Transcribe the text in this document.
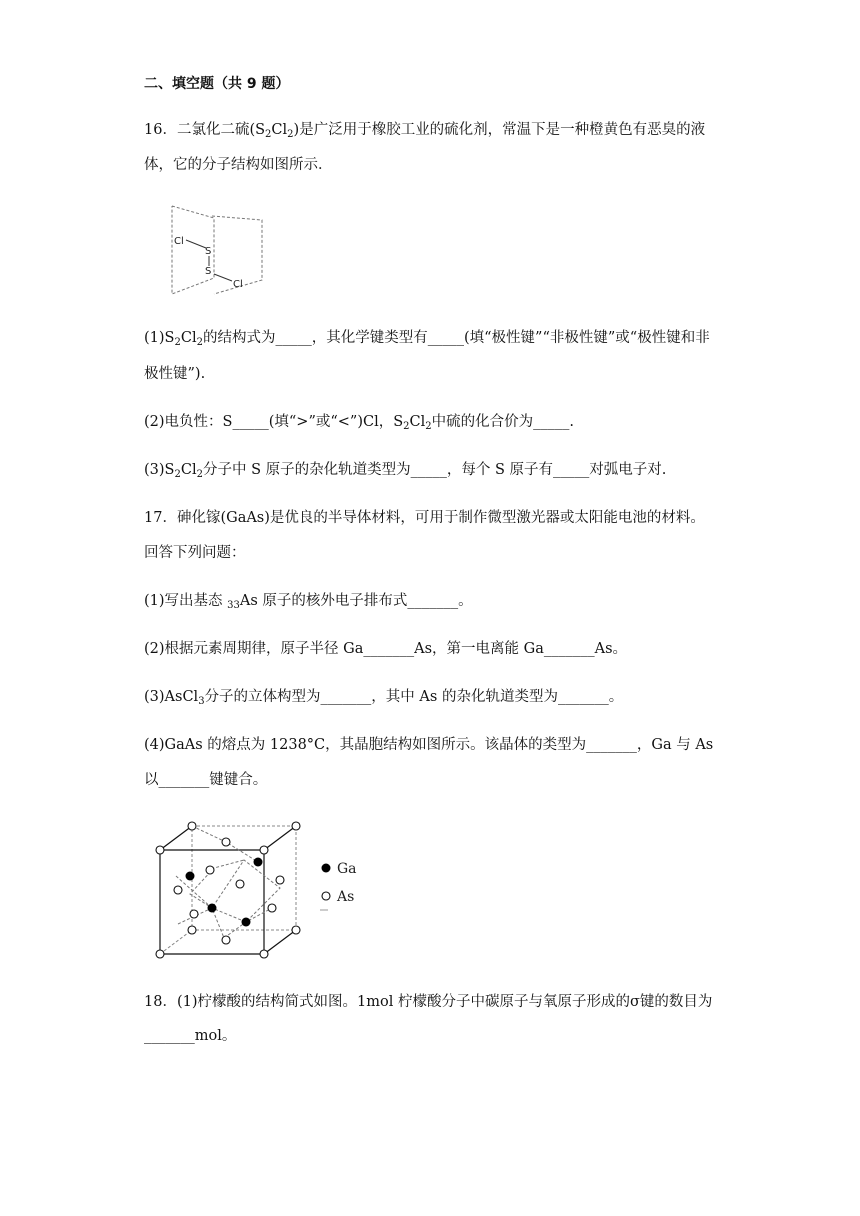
二、填空题（共 9 题）
16．二氯化二硫$(S_2Cl_2)$是广泛用于橡胶工业的硫化剂，常温下是一种橙黄色有恶臭的液
体，它的分子结构如图所示．
Cl
S
S
Cl
$(1)S_2Cl_2$的结构式为_____，其化学键类型有_____(填“极性键”“非极性键”或“极性键和非
极性键”).
(2)电负性：S_____(填“>”或“<”)Cl，$S_2Cl_2$中硫的化合价为_____.
$(3)S_2Cl_2$分子中 S 原子的杂化轨道类型为_____，每个 S 原子有_____对弧电子对.
17．砷化镓(GaAs)是优良的半导体材料，可用于制作微型激光器或太阳能电池的材料。
回答下列问题：
(1)写出基态 $_{33}$As 原子的核外电子排布式_______。
(2)根据元素周期律，原子半径 Ga_______As，第一电离能 Ga_______As。
(3)AsCl$_3$分子的立体构型为_______，其中 As 的杂化轨道类型为_______。
(4)GaAs 的熔点为 1238°C，其晶胞结构如图所示。该晶体的类型为_______，Ga 与 As
以_______键键合。
Ga
As
18．(1)柠檬酸的结构简式如图。1mol 柠檬酸分子中碳原子与氧原子形成的σ键的数目为
_______mol。
